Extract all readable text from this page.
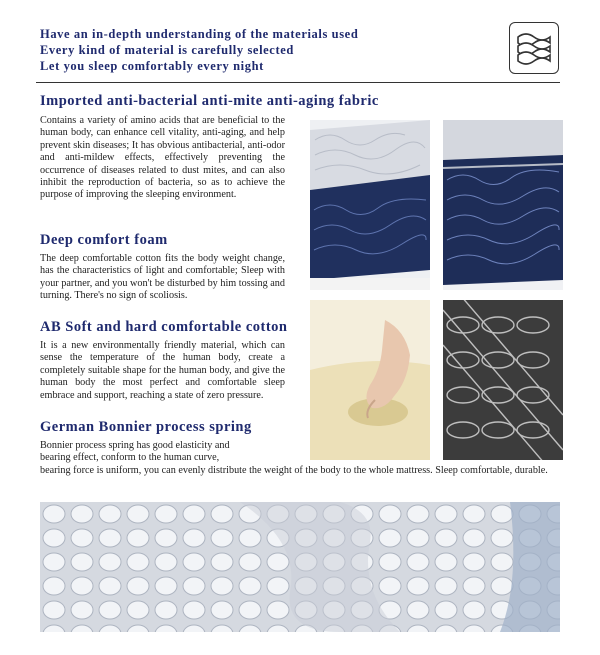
Have an in-depth understanding of the materials used
Every kind of material is carefully selected
Let you sleep comfortably every night
Imported anti-bacterial anti-mite anti-aging fabric
Contains a variety of amino acids that are beneficial to the human body, can enhance cell vitality, anti-aging, and help prevent skin diseases; It has obvious antibacterial, anti-odor and anti-mildew effects, effectively preventing the occurrence of diseases related to dust mites, and can also inhibit the reproduction of bacteria, so as to achieve the purpose of improving the sleeping environment.
Deep comfort foam
The deep comfortable cotton fits the body weight change, has the characteristics of light and comfortable; Sleep with your partner, and you won't be disturbed by him tossing and turning. There's no sign of scoliosis.
AB Soft and hard comfortable cotton
It is a new environmentally friendly material, which can sense the temperature of the human body, create a completely suitable shape for the human body, and give the human body the most perfect and comfortable sleep embrace and support, reaching a state of zero pressure.
German Bonnier process spring
Bonnier process spring has good elasticity and
bearing effect, conform to the human curve,
bearing force is uniform, you can evenly distribute the weight of the body to the whole mattress. Sleep comfortable, durable.
